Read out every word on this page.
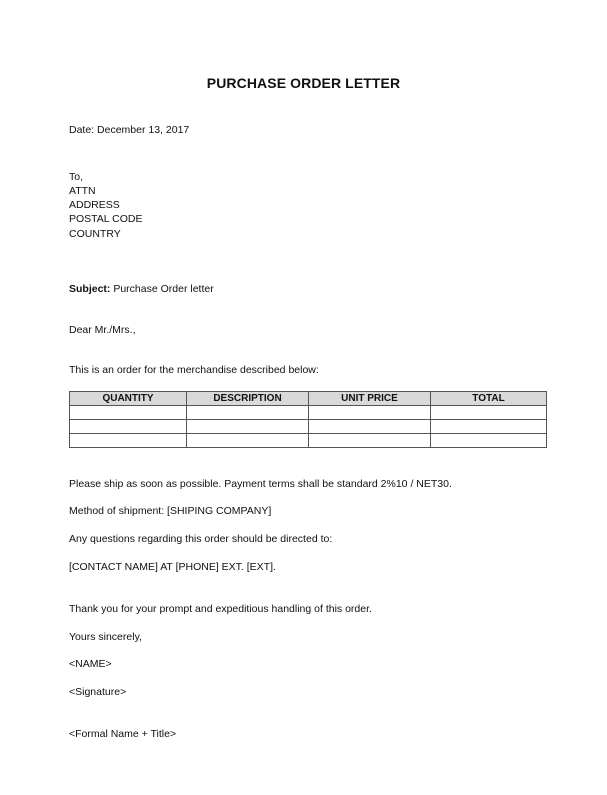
PURCHASE ORDER LETTER
Date: December 13, 2017
To,
ATTN
ADDRESS
POSTAL CODE
COUNTRY
Subject: Purchase Order letter
Dear Mr./Mrs.,
This is an order for the merchandise described below:
QUANTITY	DESCRIPTION	UNIT PRICE	TOTAL

Please ship as soon as possible. Payment terms shall be standard 2%10 / NET30.
Method of shipment: [SHIPING COMPANY]
Any questions regarding this order should be directed to:
[CONTACT NAME] AT [PHONE] EXT. [EXT].
Thank you for your prompt and expeditious handling of this order.
Yours sincerely,
<NAME>
<Signature>
<Formal Name + Title>
